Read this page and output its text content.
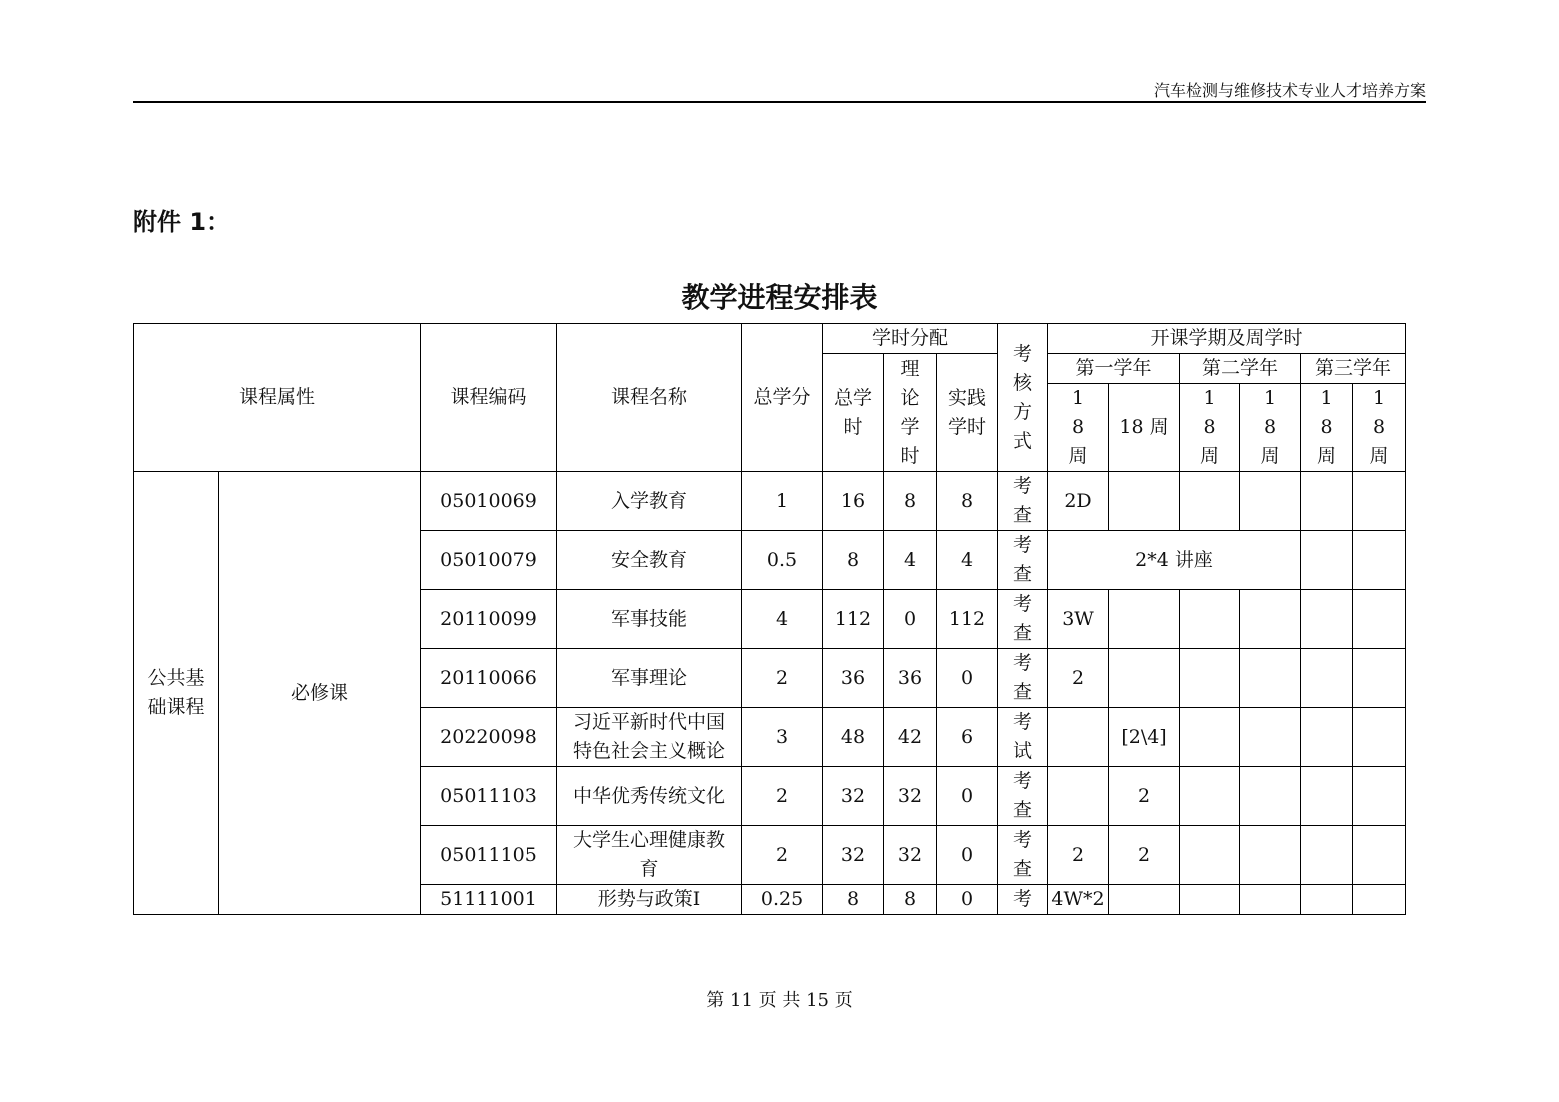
汽车检测与维修技术专业人才培养方案
附件 1：
教学进程安排表
课程属性		课程编码	课程名称	总学分	学时分配			考核方式	开课学期及周学时					
					总学时	理论学时	实践学时		第一学年		第二学年		第三学年	
									18周	18 周	18周	18周	18周	18周
公共基础课程	必修课	05010069	入学教育	1	16	8	8	考查	2D					
		05010079	安全教育	0.5	8	4	4	考查	2*4 讲座					
		20110099	军事技能	4	112	0	112	考查	3W					
		20110066	军事理论	2	36	36	0	考查	2					
		20220098	习近平新时代中国特色社会主义概论	3	48	42	6	考试		[2\4]				
		05011103	中华优秀传统文化	2	32	32	0	考查		2				
		05011105	大学生心理健康教育	2	32	32	0	考查	2	2				
		51111001	形势与政策Ⅰ	0.25	8	8	0	考	4W*2					
第 11 页 共 15 页
